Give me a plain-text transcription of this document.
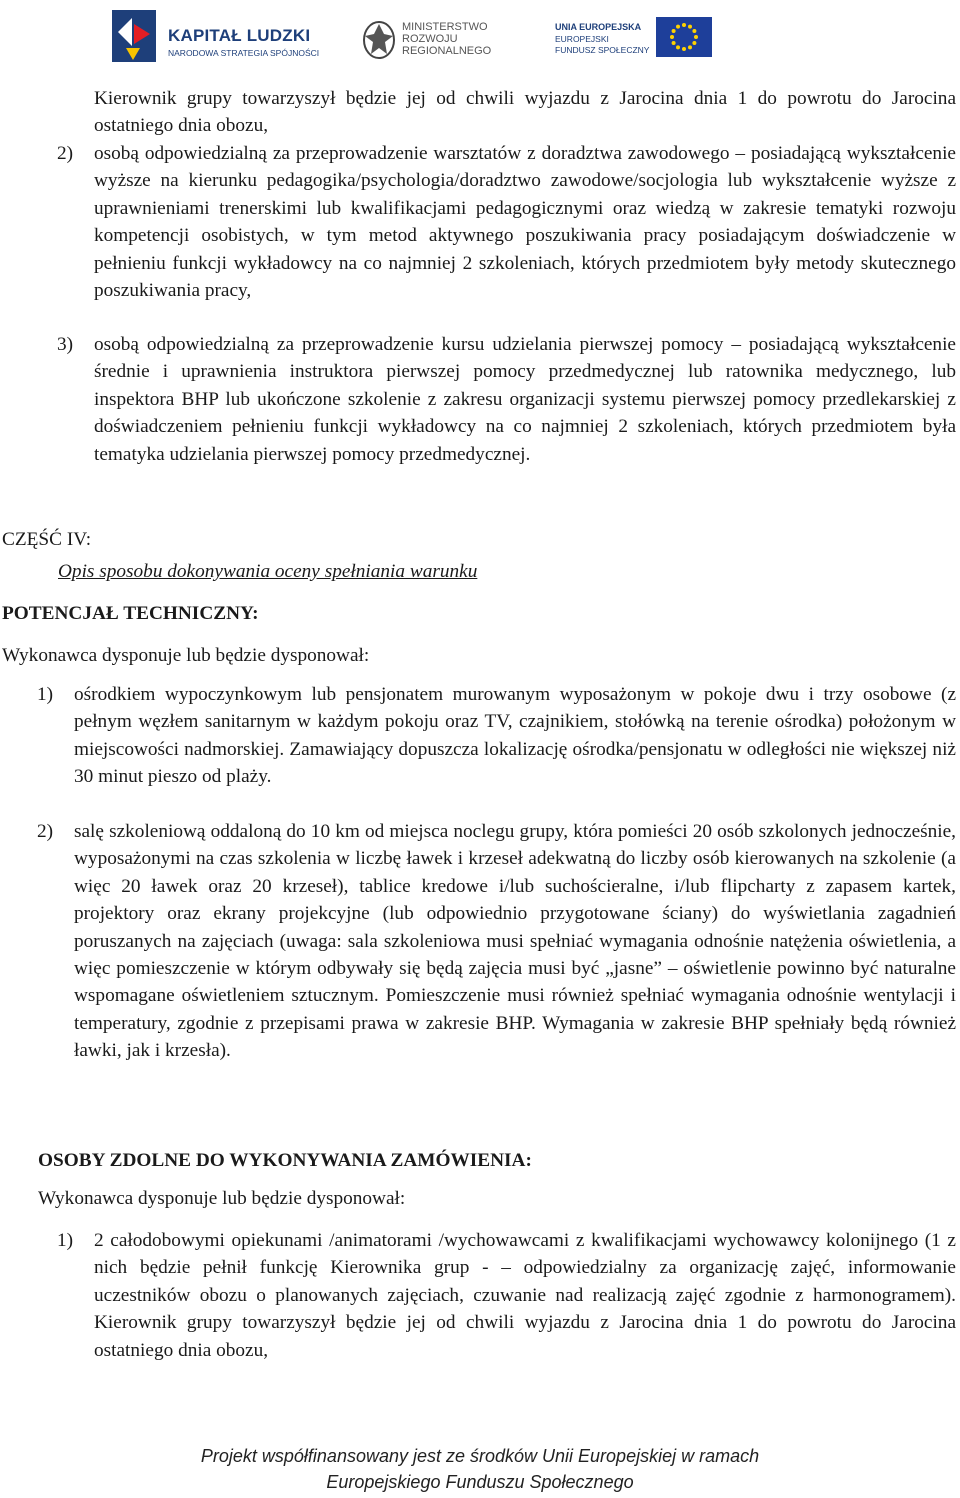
KAPITAŁ LUDZKI
NARODOWA STRATEGIA SPÓJNOŚCI
MINISTERSTWO
ROZWOJU
REGIONALNEGO
UNIA EUROPEJSKA
EUROPEJSKI
FUNDUSZ SPOŁECZNY

Kierownik grupy towarzyszył będzie jej od chwili wyjazdu z Jarocina dnia 1 do powrotu do Jarocina ostatniego dnia obozu,

2) osobą odpowiedzialną za przeprowadzenie warsztatów z doradztwa zawodowego – posiadającą wykształcenie wyższe na kierunku pedagogika/psychologia/doradztwo zawodowe/socjologia lub wykształcenie wyższe z uprawnieniami trenerskimi lub kwalifikacjami pedagogicznymi oraz wiedzą w zakresie tematyki rozwoju kompetencji osobistych, w tym metod aktywnego poszukiwania pracy posiadającym doświadczenie w pełnieniu funkcji wykładowcy na co najmniej 2 szkoleniach, których przedmiotem były metody skutecznego poszukiwania pracy,

3) osobą odpowiedzialną za przeprowadzenie kursu udzielania pierwszej pomocy – posiadającą wykształcenie średnie i uprawnienia instruktora pierwszej pomocy przedmedycznej lub ratownika medycznego, lub inspektora BHP lub ukończone szkolenie z zakresu organizacji systemu pierwszej pomocy przedlekarskiej z doświadczeniem pełnieniu funkcji wykładowcy na co najmniej 2 szkoleniach, których przedmiotem była tematyka udzielania pierwszej pomocy przedmedycznej.

CZĘŚĆ IV:
Opis sposobu dokonywania oceny spełniania warunku
POTENCJAŁ TECHNICZNY:
Wykonawca dysponuje lub będzie dysponował:
1) ośrodkiem wypoczynkowym lub pensjonatem murowanym wyposażonym w pokoje dwu i trzy osobowe (z pełnym węzłem sanitarnym w każdym pokoju oraz TV, czajnikiem, stołówką na terenie ośrodka) położonym w miejscowości nadmorskiej. Zamawiający dopuszcza lokalizację ośrodka/pensjonatu w odległości nie większej niż 30 minut pieszo od plaży.

2) salę szkoleniową oddaloną do 10 km od miejsca noclegu grupy, która pomieści 20 osób szkolonych jednocześnie, wyposażonymi na czas szkolenia w liczbę ławek i krzeseł adekwatną do liczby osób kierowanych na szkolenie (a więc 20 ławek oraz 20 krzeseł), tablice kredowe i/lub suchościeralne, i/lub flipcharty z zapasem kartek, projektory oraz ekrany projekcyjne (lub odpowiednio przygotowane ściany) do wyświetlania zagadnień poruszanych na zajęciach (uwaga: sala szkoleniowa musi spełniać wymagania odnośnie natężenia oświetlenia, a więc pomieszczenie w którym odbywały się będą zajęcia musi być „jasne” – oświetlenie powinno być naturalne wspomagane oświetleniem sztucznym. Pomieszczenie musi również spełniać wymagania odnośnie wentylacji i temperatury, zgodnie z przepisami prawa w zakresie BHP. Wymagania w zakresie BHP spełniały będą również ławki, jak i krzesła).

OSOBY ZDOLNE DO WYKONYWANIA ZAMÓWIENIA:
Wykonawca dysponuje lub będzie dysponował:
1) 2 całodobowymi opiekunami /animatorami /wychowawcami z kwalifikacjami wychowawcy kolonijnego (1 z nich będzie pełnił funkcję Kierownika grup - – odpowiedzialny za organizację zajęć, informowanie uczestników obozu o planowanych zajęciach, czuwanie nad realizacją zajęć zgodnie z harmonogramem). Kierownik grupy towarzyszył będzie jej od chwili wyjazdu z Jarocina dnia 1 do powrotu do Jarocina ostatniego dnia obozu,

Projekt współfinansowany jest ze środków Unii Europejskiej w ramach
Europejskiego Funduszu Społecznego
